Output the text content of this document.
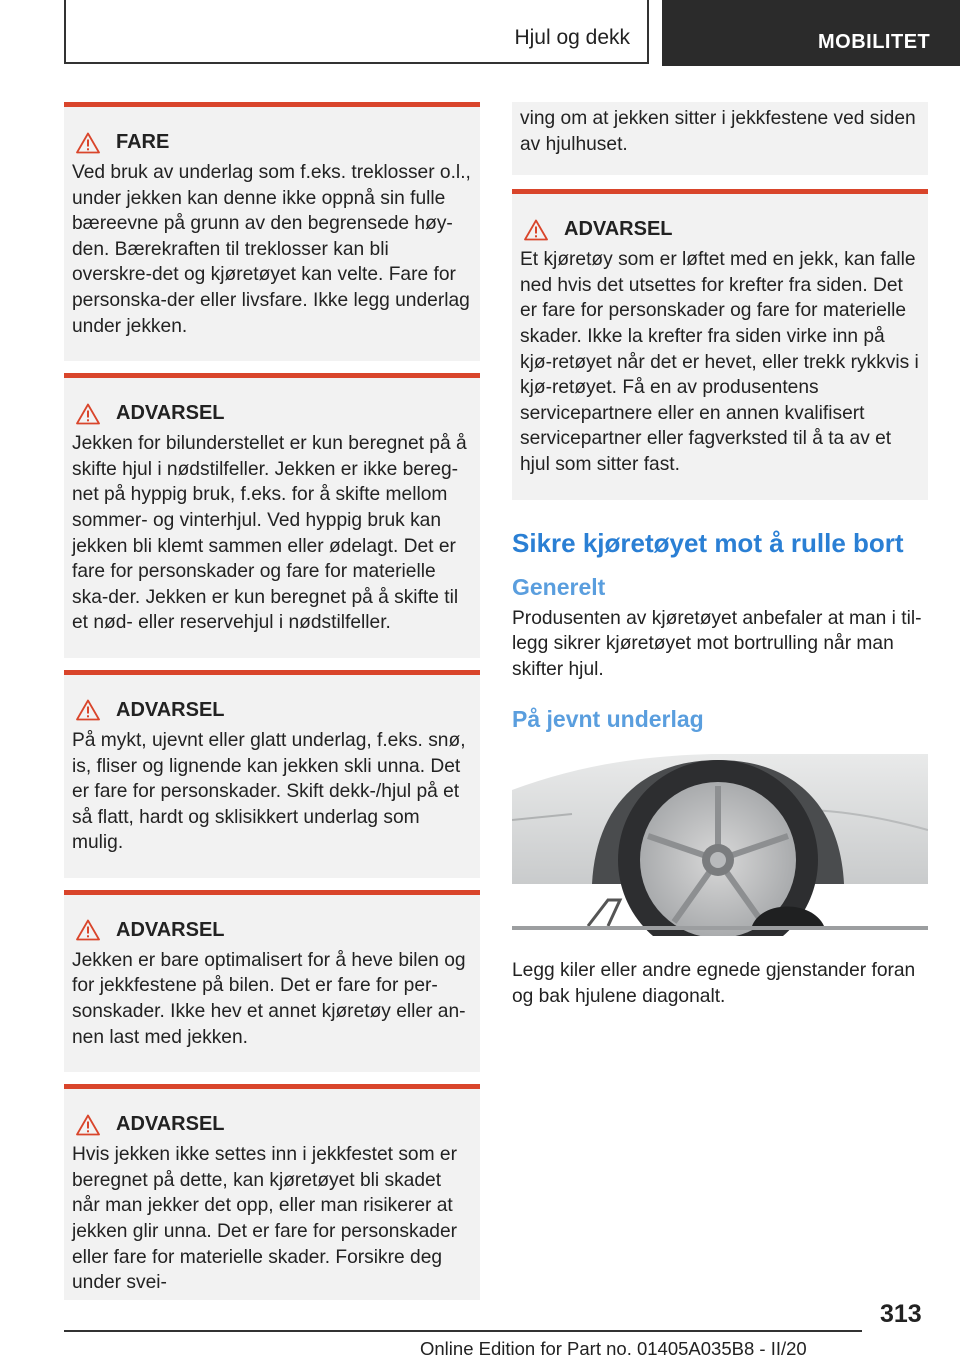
Hjul og dekk	MOBILITET
FARE
Ved bruk av underlag som f.eks. treklosser o.l., under jekken kan denne ikke oppnå sin fulle bæreevne på grunn av den begrensede høy-den. Bærekraften til treklosser kan bli overskre-det og kjøretøyet kan velte. Fare for personska-der eller livsfare. Ikke legg underlag under jekken.
ADVARSEL
Jekken for bilunderstellet er kun beregnet på å skifte hjul i nødstilfeller. Jekken er ikke bereg-net på hyppig bruk, f.eks. for å skifte mellom sommer- og vinterhjul. Ved hyppig bruk kan jekken bli klemt sammen eller ødelagt. Det er fare for personskader og fare for materielle ska-der. Jekken er kun beregnet på å skifte til et nød- eller reservehjul i nødstilfeller.
ADVARSEL
På mykt, ujevnt eller glatt underlag, f.eks. snø, is, fliser og lignende kan jekken skli unna. Det er fare for personskader. Skift dekk-/hjul på et så flatt, hardt og sklisikkert underlag som mulig.
ADVARSEL
Jekken er bare optimalisert for å heve bilen og for jekkfestene på bilen. Det er fare for per-sonskader. Ikke hev et annet kjøretøy eller an-nen last med jekken.
ADVARSEL
Hvis jekken ikke settes inn i jekkfestet som er beregnet på dette, kan kjøretøyet bli skadet når man jekker det opp, eller man risikerer at jekken glir unna. Det er fare for personskader eller fare for materielle skader. Forsikre deg under svei-
ving om at jekken sitter i jekkfestene ved siden av hjulhuset.
ADVARSEL
Et kjøretøy som er løftet med en jekk, kan falle ned hvis det utsettes for krefter fra siden. Det er fare for personskader og fare for materielle skader. Ikke la krefter fra siden virke inn på kjø-retøyet når det er hevet, eller trekk rykkvis i kjø-retøyet. Få en av produsentens servicepartnere eller en annen kvalifisert servicepartner eller fagverksted til å ta av et hjul som sitter fast.
Sikre kjøretøyet mot å rulle bort
Generelt
Produsenten av kjøretøyet anbefaler at man i til-legg sikrer kjøretøyet mot bortrulling når man skifter hjul.
På jevnt underlag
Legg kiler eller andre egnede gjenstander foran og bak hjulene diagonalt.
313
Online Edition for Part no. 01405A035B8 - II/20
